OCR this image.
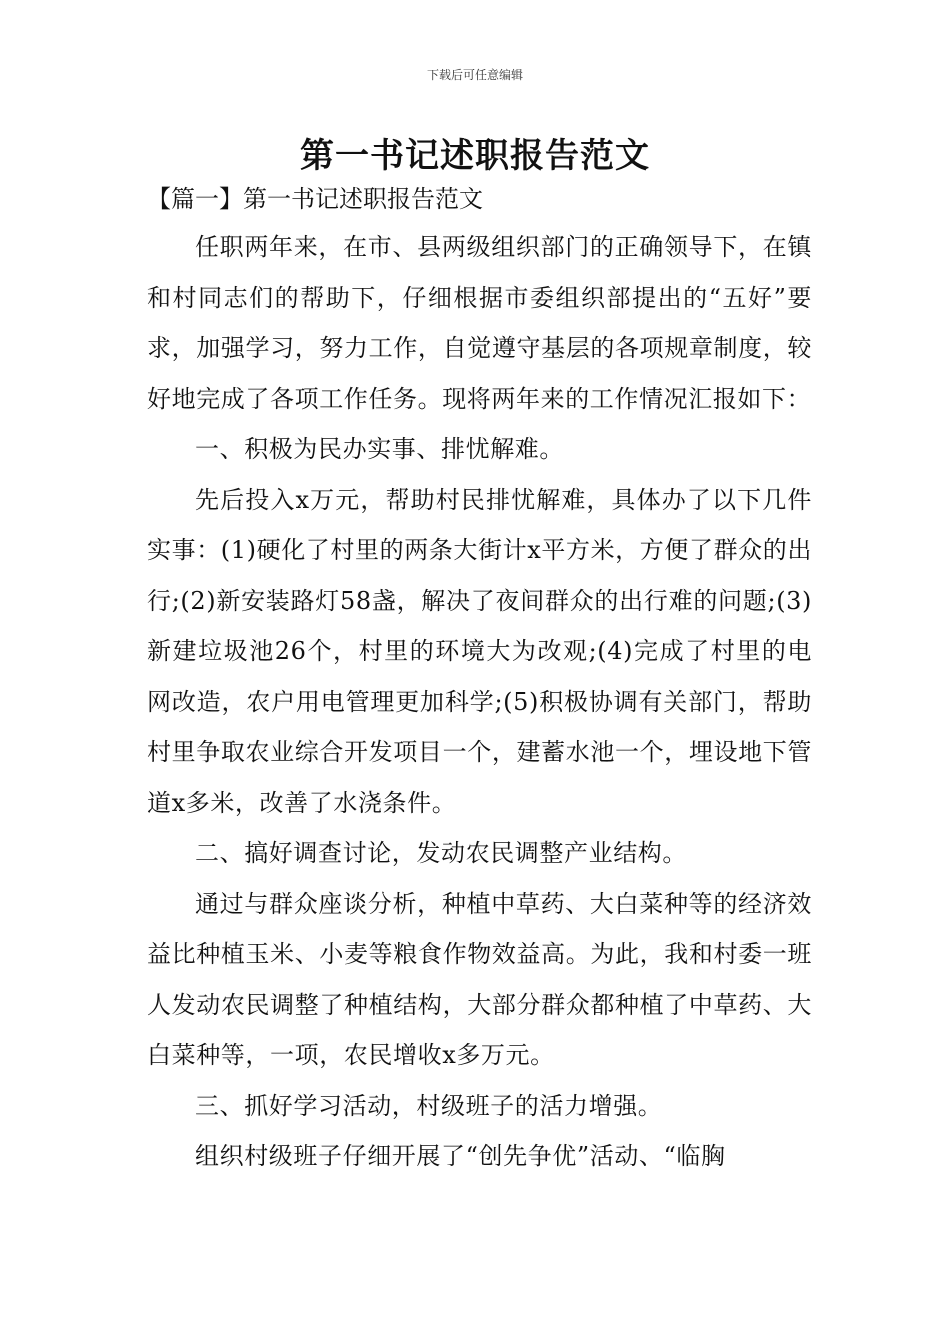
下载后可任意编辑
第一书记述职报告范文
【篇一】第一书记述职报告范文

任职两年来，在市、县两级组织部门的正确领导下，在镇和村同志们的帮助下，仔细根据市委组织部提出的“五好”要求，加强学习，努力工作，自觉遵守基层的各项规章制度，较好地完成了各项工作任务。现将两年来的工作情况汇报如下：

一、积极为民办实事、排忧解难。

先后投入x万元，帮助村民排忧解难，具体办了以下几件实事：(1)硬化了村里的两条大街计x平方米，方便了群众的出行;(2)新安装路灯58盏，解决了夜间群众的出行难的问题;(3)新建垃圾池26个，村里的环境大为改观;(4)完成了村里的电网改造，农户用电管理更加科学;(5)积极协调有关部门，帮助村里争取农业综合开发项目一个，建蓄水池一个，埋设地下管道x多米，改善了水浇条件。

二、搞好调查讨论，发动农民调整产业结构。

通过与群众座谈分析，种植中草药、大白菜种等的经济效益比种植玉米、小麦等粮食作物效益高。为此，我和村委一班人发动农民调整了种植结构，大部分群众都种植了中草药、大白菜种等，一项，农民增收x多万元。

三、抓好学习活动，村级班子的活力增强。

组织村级班子仔细开展了“创先争优”活动、“临胸
